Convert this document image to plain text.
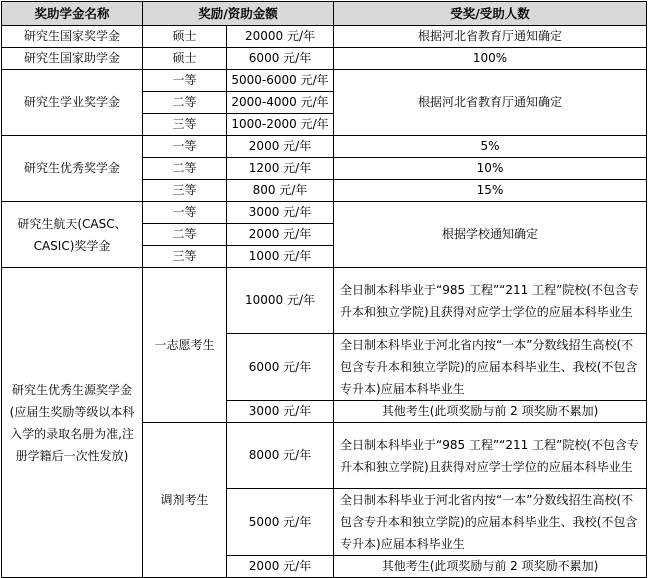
奖助学金名称	奖励/资助金额		受奖/受助人数
研究生国家奖学金	硕士	20000 元/年	根据河北省教育厅通知确定
研究生国家助学金	硕士	6000 元/年	100%
研究生学业奖学金	一等	5000-6000 元/年	根据河北省教育厅通知确定
	二等	2000-4000 元/年	
	三等	1000-2000 元/年	
研究生优秀奖学金	一等	2000 元/年	5%
	二等	1200 元/年	10%
	三等	800 元/年	15%
研究生航天(CASC、CASIC)奖学金	一等	3000 元/年	根据学校通知确定
	二等	2000 元/年	
	三等	1000 元/年	

研究生优秀生源奖学金
(应届生奖励等级以本科入学的录取名册为准,注册学籍后一次性发放)	一志愿考生	10000 元/年	全日制本科毕业于“985 工程”“211 工程”院校(不包含专升本和独立学院)且获得对应学士学位的应届本科毕业生
		6000 元/年	全日制本科毕业于河北省内按“一本”分数线招生高校(不包含专升本和独立学院)的应届本科毕业生、我校(不包含专升本)应届本科毕业生
		3000 元/年	其他考生(此项奖励与前 2 项奖励不累加)
	调剂考生	8000 元/年	全日制本科毕业于“985 工程”“211 工程”院校(不包含专升本和独立学院)且获得对应学士学位的应届本科毕业生
		5000 元/年	全日制本科毕业于河北省内按“一本”分数线招生高校(不包含专升本和独立学院)的应届本科毕业生、我校(不包含专升本)应届本科毕业生
		2000 元/年	其他考生(此项奖励与前 2 项奖励不累加)
